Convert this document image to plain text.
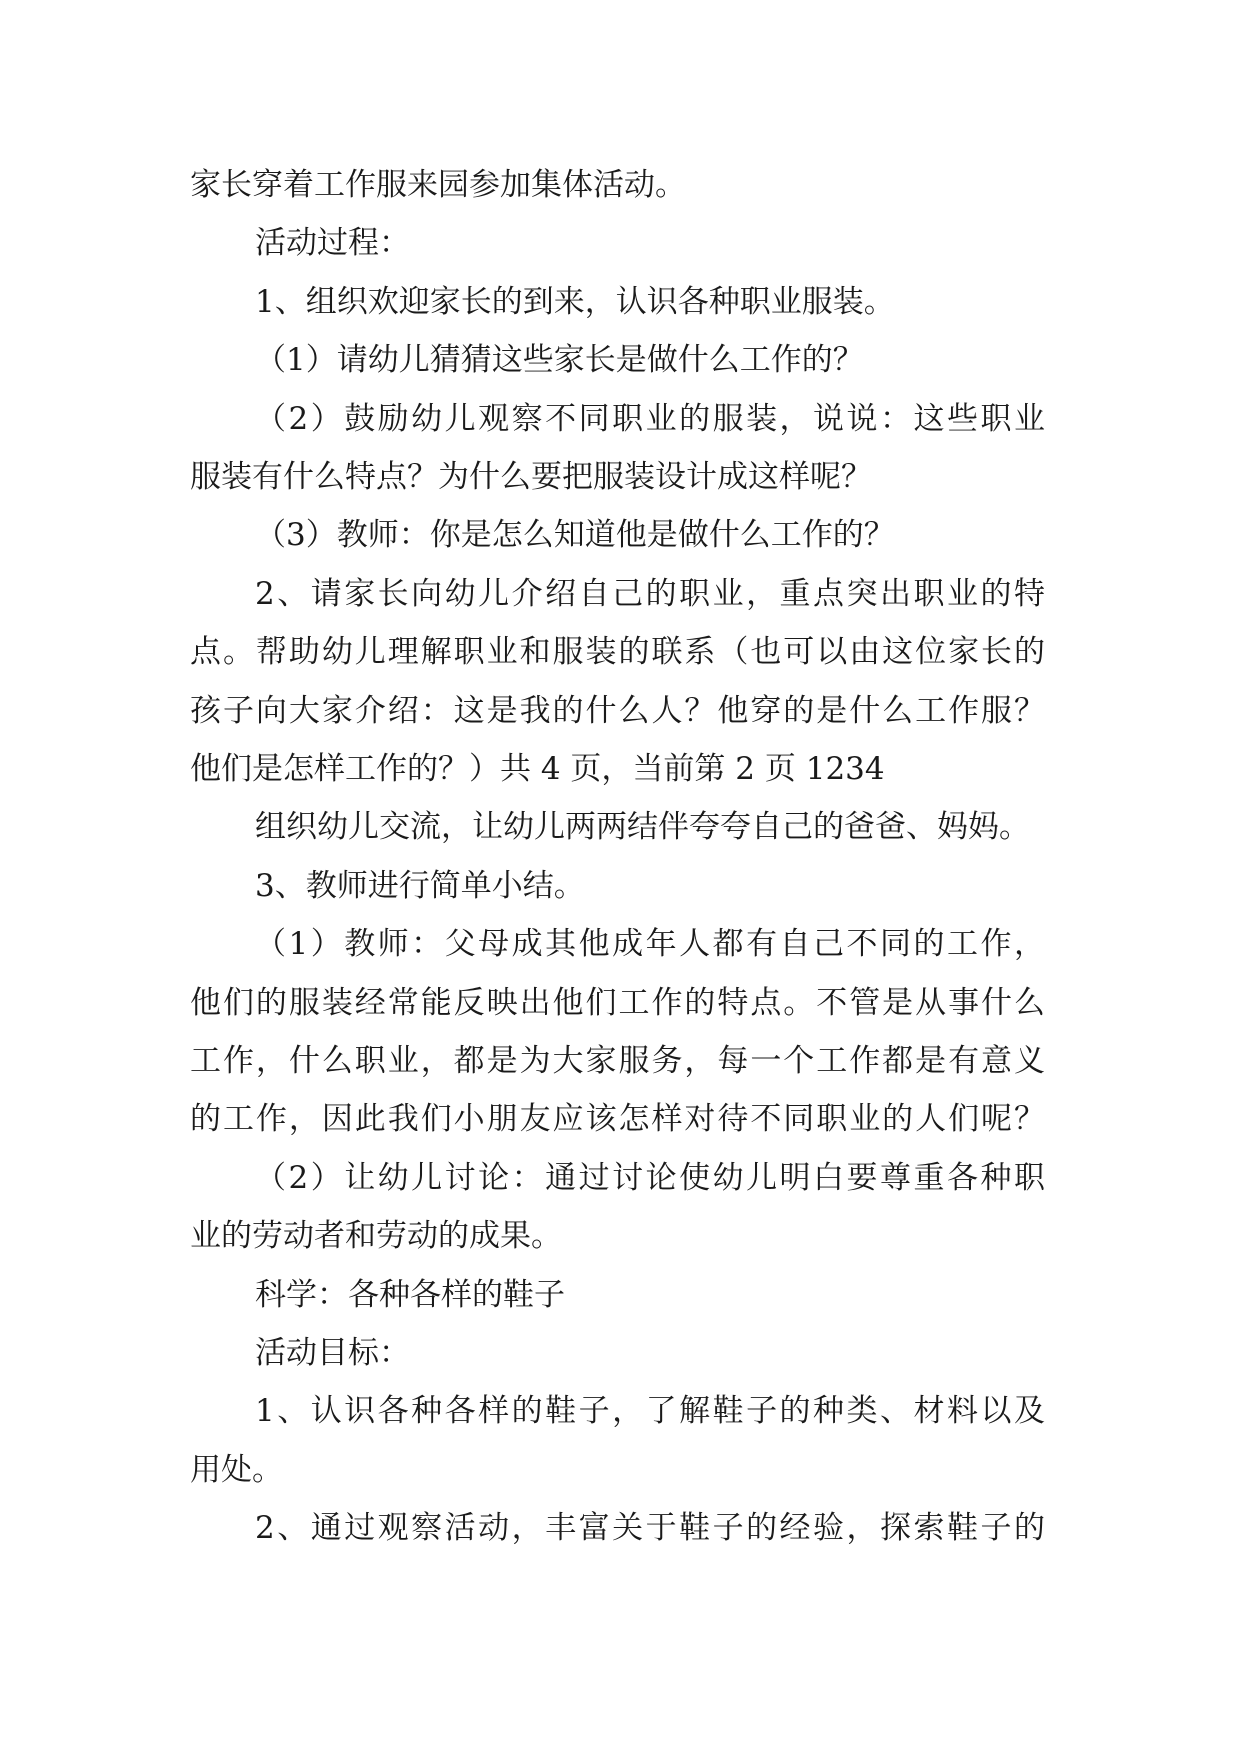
家长穿着工作服来园参加集体活动。

活动过程：

1、组织欢迎家长的到来，认识各种职业服装。

（1）请幼儿猜猜这些家长是做什么工作的？

（2）鼓励幼儿观察不同职业的服装，说说：这些职业

服装有什么特点？为什么要把服装设计成这样呢？

（3）教师：你是怎么知道他是做什么工作的？

2、请家长向幼儿介绍自己的职业，重点突出职业的特

点。帮助幼儿理解职业和服装的联系（也可以由这位家长的

孩子向大家介绍：这是我的什么人？他穿的是什么工作服？

他们是怎样工作的？）共 4 页，当前第 2 页 1234

组织幼儿交流，让幼儿两两结伴夸夸自己的爸爸、妈妈。

3、教师进行简单小结。

（1）教师：父母成其他成年人都有自己不同的工作，

他们的服装经常能反映出他们工作的特点。不管是从事什么

工作，什么职业，都是为大家服务，每一个工作都是有意义

的工作，因此我们小朋友应该怎样对待不同职业的人们呢？

（2）让幼儿讨论：通过讨论使幼儿明白要尊重各种职

业的劳动者和劳动的成果。

科学：各种各样的鞋子

活动目标：

1、认识各种各样的鞋子，了解鞋子的种类、材料以及

用处。

2、通过观察活动，丰富关于鞋子的经验，探索鞋子的
